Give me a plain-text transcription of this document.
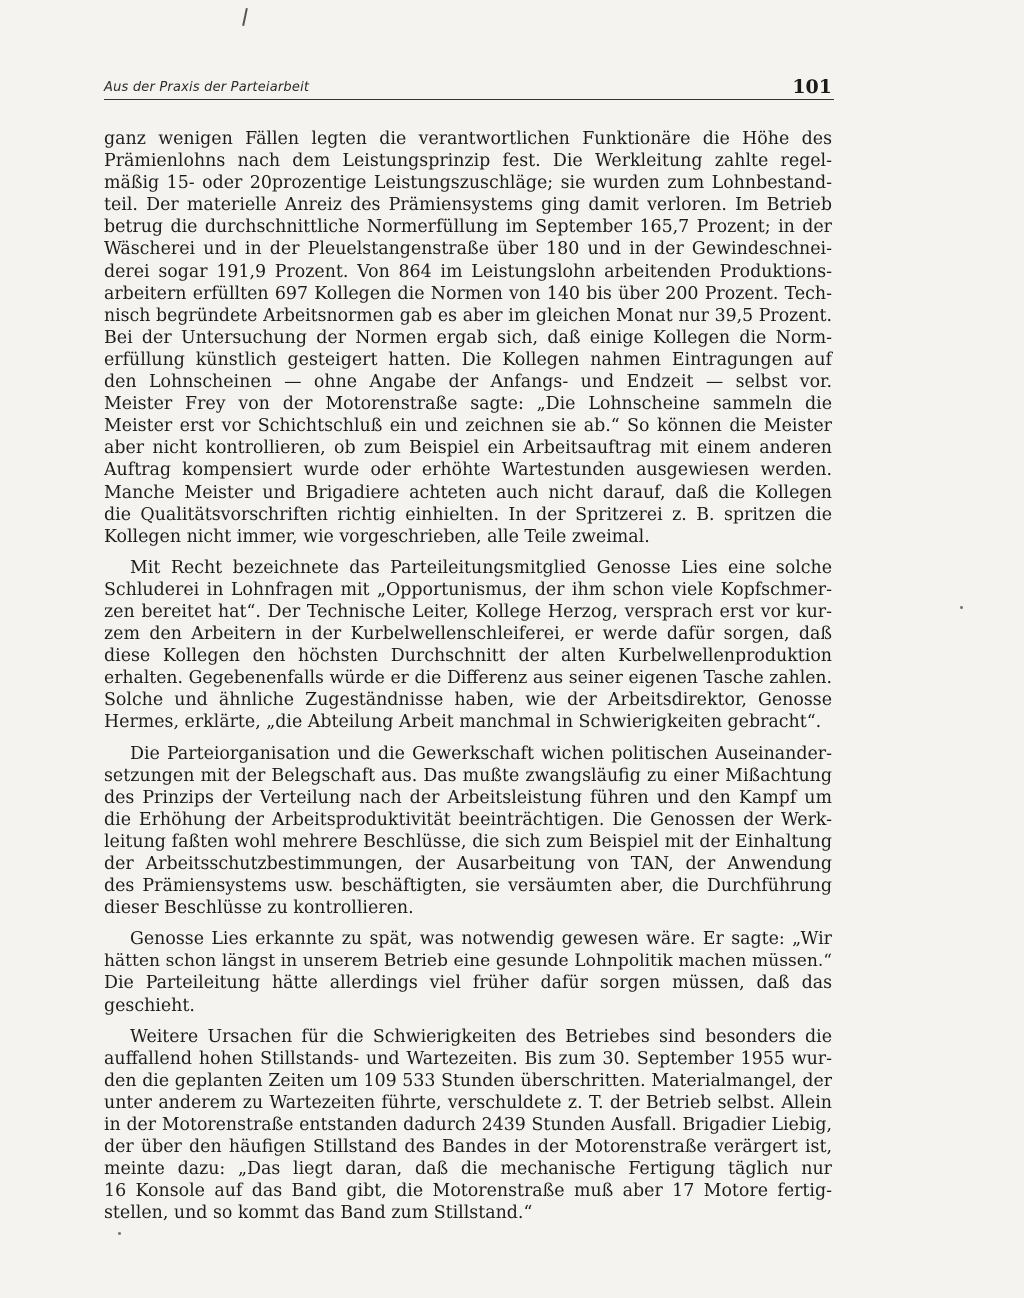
Aus der Praxis der Parteiarbeit	101

ganz wenigen Fällen legten die verantwortlichen Funktionäre die Höhe des
Prämienlohns nach dem Leistungsprinzip fest. Die Werkleitung zahlte regel-
mäßig 15- oder 20prozentige Leistungszuschläge; sie wurden zum Lohnbestand-
teil. Der materielle Anreiz des Prämiensystems ging damit verloren. Im Betrieb
betrug die durchschnittliche Normerfüllung im September 165,7 Prozent; in der
Wäscherei und in der Pleuelstangenstraße über 180 und in der Gewindeschnei-
derei sogar 191,9 Prozent. Von 864 im Leistungslohn arbeitenden Produktions-
arbeitern erfüllten 697 Kollegen die Normen von 140 bis über 200 Prozent. Tech-
nisch begründete Arbeitsnormen gab es aber im gleichen Monat nur 39,5 Prozent.
Bei der Untersuchung der Normen ergab sich, daß einige Kollegen die Norm-
erfüllung künstlich gesteigert hatten. Die Kollegen nahmen Eintragungen auf
den Lohnscheinen — ohne Angabe der Anfangs- und Endzeit — selbst vor.
Meister Frey von der Motorenstraße sagte: „Die Lohnscheine sammeln die
Meister erst vor Schichtschluß ein und zeichnen sie ab.“ So können die Meister
aber nicht kontrollieren, ob zum Beispiel ein Arbeitsauftrag mit einem anderen
Auftrag kompensiert wurde oder erhöhte Wartestunden ausgewiesen werden.
Manche Meister und Brigadiere achteten auch nicht darauf, daß die Kollegen
die Qualitätsvorschriften richtig einhielten. In der Spritzerei z. B. spritzen die
Kollegen nicht immer, wie vorgeschrieben, alle Teile zweimal.

Mit Recht bezeichnete das Parteileitungsmitglied Genosse Lies eine solche
Schluderei in Lohnfragen mit „Opportunismus, der ihm schon viele Kopfschmer-
zen bereitet hat“. Der Technische Leiter, Kollege Herzog, versprach erst vor kur-
zem den Arbeitern in der Kurbelwellenschleiferei, er werde dafür sorgen, daß
diese Kollegen den höchsten Durchschnitt der alten Kurbelwellenproduktion
erhalten. Gegebenenfalls würde er die Differenz aus seiner eigenen Tasche zahlen.
Solche und ähnliche Zugeständnisse haben, wie der Arbeitsdirektor, Genosse
Hermes, erklärte, „die Abteilung Arbeit manchmal in Schwierigkeiten gebracht“.

Die Parteiorganisation und die Gewerkschaft wichen politischen Auseinander-
setzungen mit der Belegschaft aus. Das mußte zwangsläufig zu einer Mißachtung
des Prinzips der Verteilung nach der Arbeitsleistung führen und den Kampf um
die Erhöhung der Arbeitsproduktivität beeinträchtigen. Die Genossen der Werk-
leitung faßten wohl mehrere Beschlüsse, die sich zum Beispiel mit der Einhaltung
der Arbeitsschutzbestimmungen, der Ausarbeitung von TAN, der Anwendung
des Prämiensystems usw. beschäftigten, sie versäumten aber, die Durchführung
dieser Beschlüsse zu kontrollieren.

Genosse Lies erkannte zu spät, was notwendig gewesen wäre. Er sagte: „Wir
hätten schon längst in unserem Betrieb eine gesunde Lohnpolitik machen müssen.“
Die Parteileitung hätte allerdings viel früher dafür sorgen müssen, daß das
geschieht.

Weitere Ursachen für die Schwierigkeiten des Betriebes sind besonders die
auffallend hohen Stillstands- und Wartezeiten. Bis zum 30. September 1955 wur-
den die geplanten Zeiten um 109 533 Stunden überschritten. Materialmangel, der
unter anderem zu Wartezeiten führte, verschuldete z. T. der Betrieb selbst. Allein
in der Motorenstraße entstanden dadurch 2439 Stunden Ausfall. Brigadier Liebig,
der über den häufigen Stillstand des Bandes in der Motorenstraße verärgert ist,
meinte dazu: „Das liegt daran, daß die mechanische Fertigung täglich nur
16 Konsole auf das Band gibt, die Motorenstraße muß aber 17 Motore fertig-
stellen, und so kommt das Band zum Stillstand.“
